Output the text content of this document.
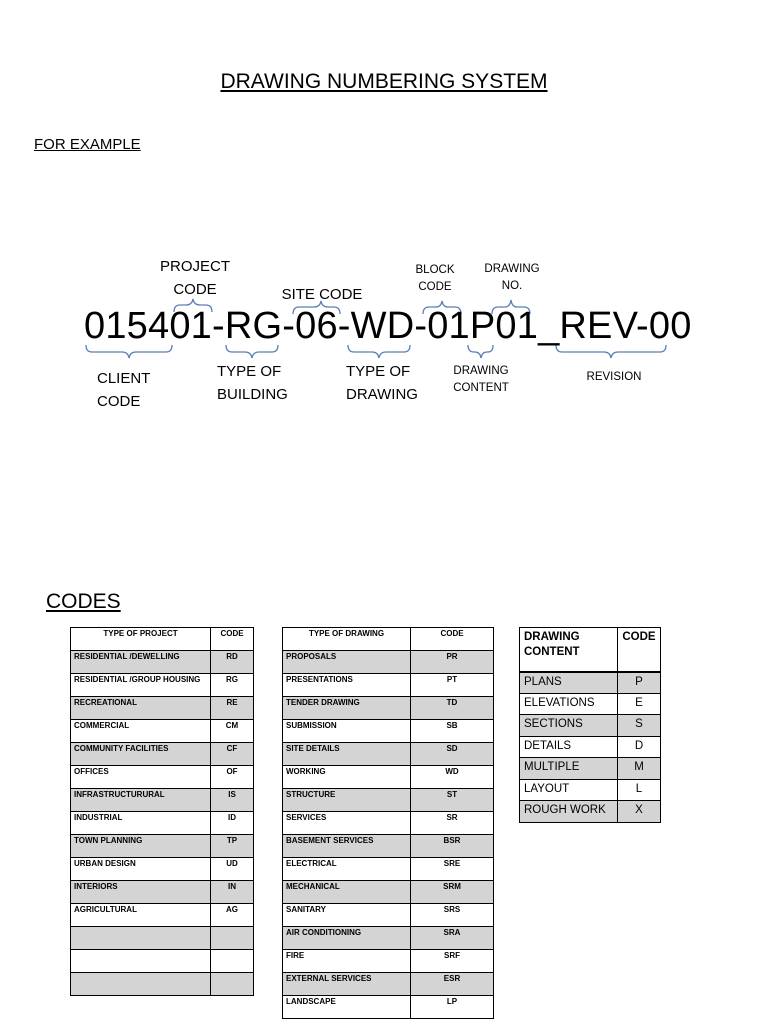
DRAWING NUMBERING SYSTEM
FOR EXAMPLE
PROJECT CODE	SITE CODE
BLOCK CODE
DRAWING NO.
015401-RG-06-WD-01P01_REV-00
CLIENT CODE
TYPE OF BUILDING
TYPE OF DRAWING
DRAWING CONTENT
REVISION
CODES
TYPE OF PROJECT	CODE
RESIDENTIAL /DEWELLING	RD
RESIDENTIAL /GROUP HOUSING	RG
RECREATIONAL	RE
COMMERCIAL	CM
COMMUNITY FACILITIES	CF
OFFICES	OF
INFRASTRUCTURURAL	IS
INDUSTRIAL	ID
TOWN PLANNING	TP
URBAN DESIGN	UD
INTERIORS	IN
AGRICULTURAL	AG

TYPE OF DRAWING	CODE
PROPOSALS	PR
PRESENTATIONS	PT
TENDER DRAWING	TD
SUBMISSION	SB
SITE DETAILS	SD
WORKING	WD
STRUCTURE	ST
SERVICES	SR
BASEMENT SERVICES	BSR
ELECTRICAL	SRE
MECHANICAL	SRM
SANITARY	SRS
AIR CONDITIONING	SRA
FIRE	SRF
EXTERNAL SERVICES	ESR
LANDSCAPE	LP
DRAWING CONTENT	CODE
PLANS	P
ELEVATIONS	E
SECTIONS	S
DETAILS	D
MULTIPLE	M
LAYOUT	L
ROUGH WORK	X
